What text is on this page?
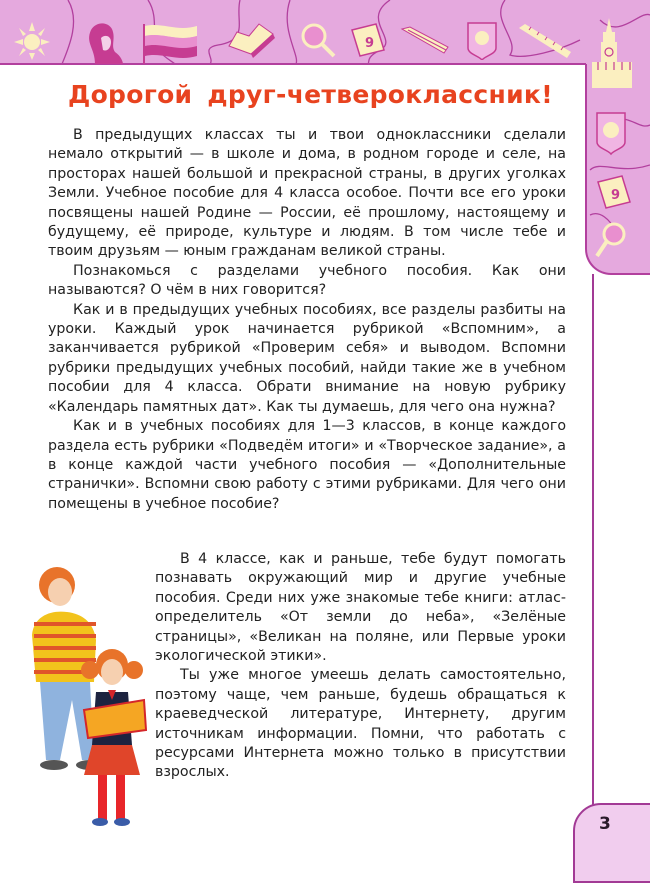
9
9
Дорогой друг-четвероклассник!

В предыдущих классах ты и твои одноклассники сделали немало открытий — в школе и дома, в родном городе и селе, на просторах нашей большой и прекрасной страны, в других уголках Земли. Учебное пособие для 4 класса особое. Почти все его уроки посвящены нашей Родине — России, её прошлому, настоящему и будущему, её природе, культуре и людям. В том числе тебе и твоим друзьям — юным гражданам великой страны.

Познакомься с разделами учебного пособия. Как они называются? О чём в них говорится?

Как и в предыдущих учебных пособиях, все разделы разбиты на уроки. Каждый урок начинается рубрикой «Вспомним», а заканчивается рубрикой «Проверим себя» и выводом. Вспомни рубрики предыдущих учебных пособий, найди такие же в учебном пособии для 4 класса. Обрати внимание на новую рубрику «Календарь памятных дат». Как ты думаешь, для чего она нужна?

Как и в учебных пособиях для 1—3 классов, в конце каждого раздела есть рубрики «Подведём итоги» и «Творческое задание», а в конце каждой части учебного пособия — «Дополнительные странички». Вспомни свою работу с этими рубриками. Для чего они помещены в учебное пособие?

В 4 классе, как и раньше, тебе будут помогать познавать окружающий мир и другие учебные пособия. Среди них уже знакомые тебе книги: атлас-определитель «От земли до неба», «Зелёные страницы», «Великан на поляне, или Первые уроки экологической этики».

Ты уже многое умеешь делать самостоятельно, поэтому чаще, чем раньше, будешь обращаться к краеведческой литературе, Интернету, другим источникам информации. Помни, что работать с ресурсами Интернета можно только в присутствии взрослых.

3
